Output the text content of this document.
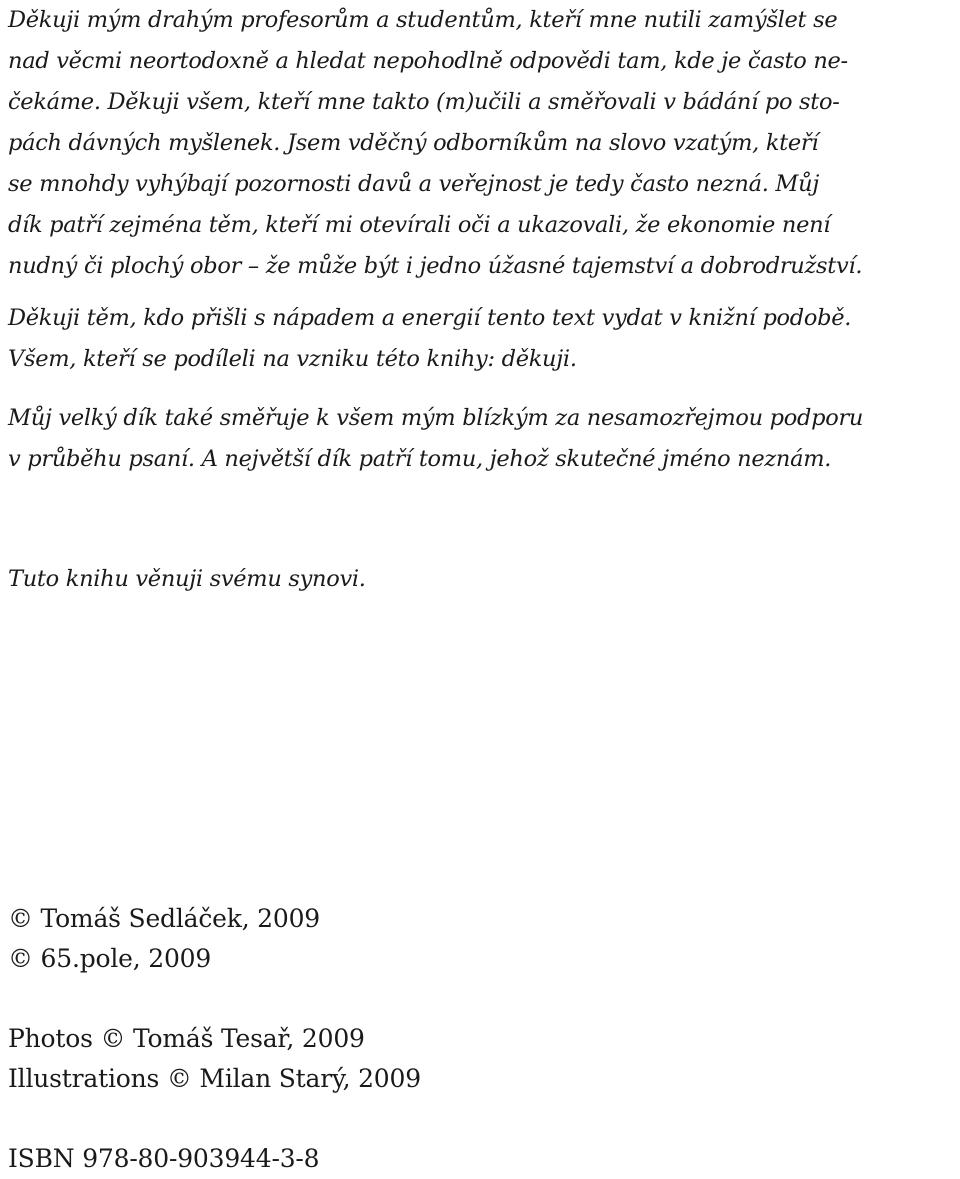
Děkuji mým drahým profesorům a studentům, kteří mne nutili zamýšlet se
nad věcmi neortodoxně a hledat nepohodlně odpovědi tam, kde je často ne-
čekáme. Děkuji všem, kteří mne takto (m)učili a směřovali v bádání po sto-
pách dávných myšlenek. Jsem vděčný odborníkům na slovo vzatým, kteří
se mnohdy vyhýbají pozornosti davů a veřejnost je tedy často nezná. Můj
dík patří zejména těm, kteří mi otevírali oči a ukazovali, že ekonomie není
nudný či plochý obor – že může být i jedno úžasné tajemství a dobrodružství.
Děkuji těm, kdo přišli s nápadem a energií tento text vydat v knižní podobě.
Všem, kteří se podíleli na vzniku této knihy: děkuji.
Můj velký dík také směřuje k všem mým blízkým za nesamozřejmou podporu
v průběhu psaní. A největší dík patří tomu, jehož skutečné jméno neznám.
Tuto knihu věnuji svému synovi.
© Tomáš Sedláček, 2009
© 65.pole, 2009
Photos © Tomáš Tesař, 2009
Illustrations © Milan Starý, 2009
ISBN 978-80-903944-3-8
